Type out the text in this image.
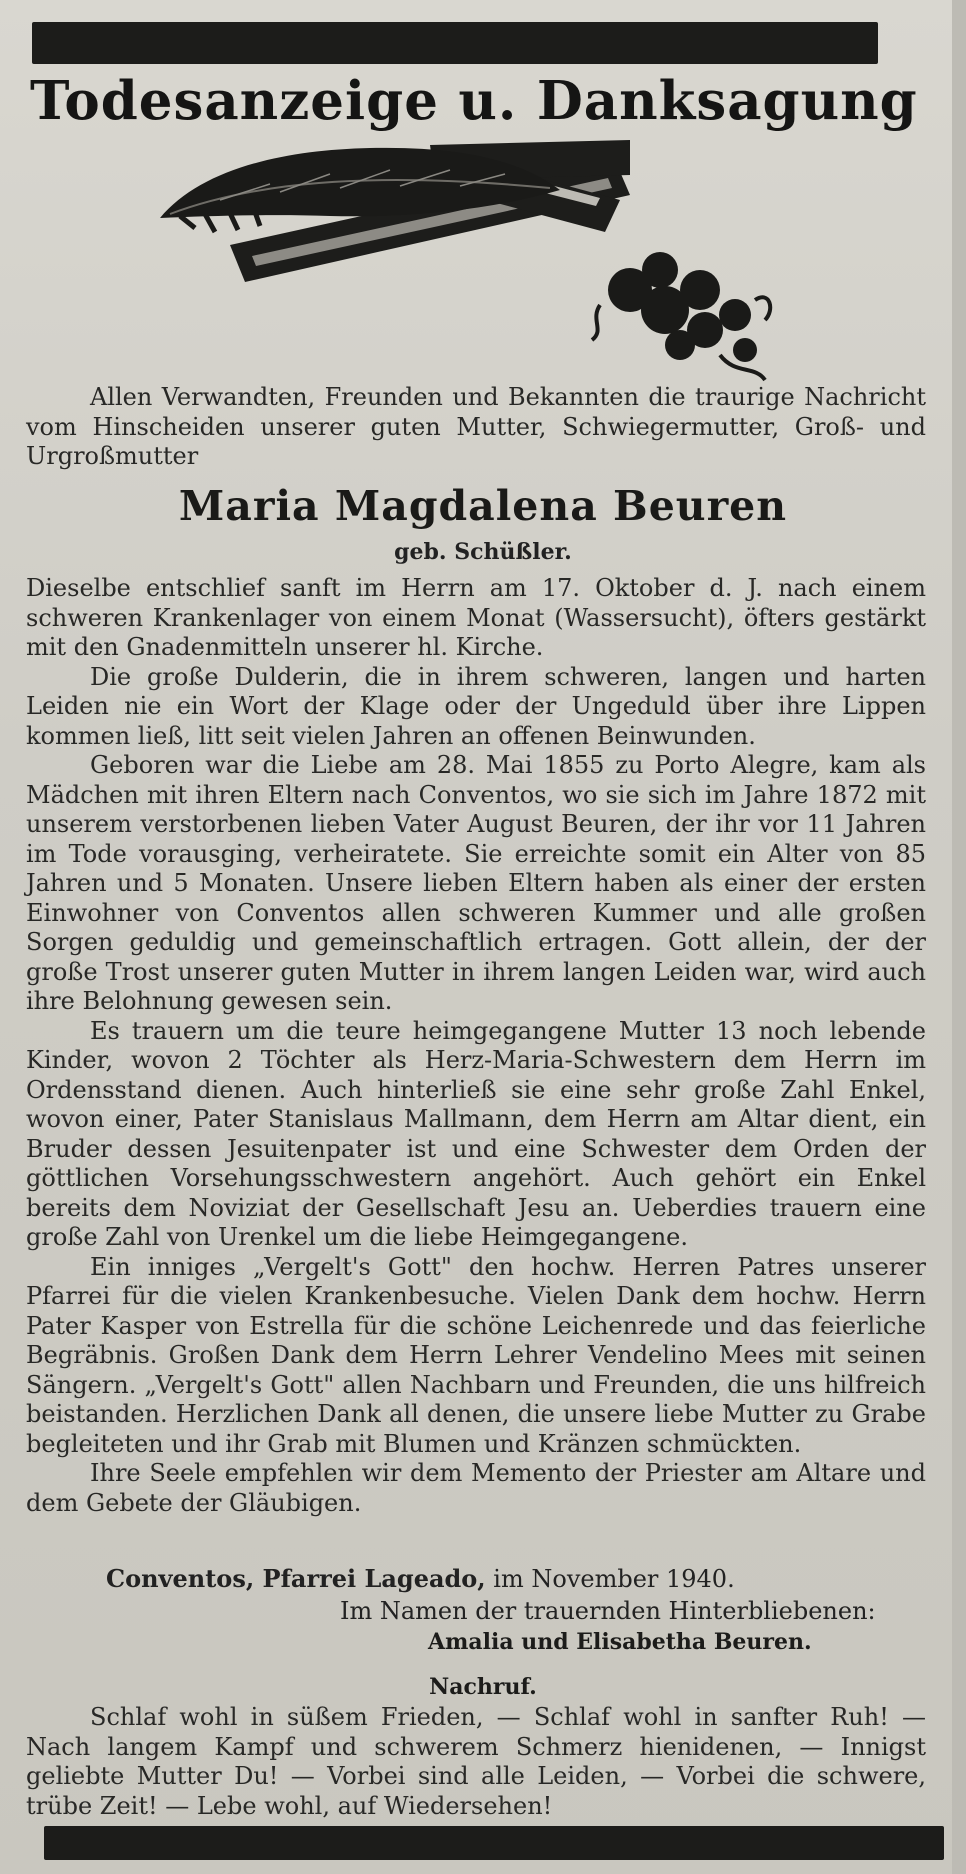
Todesanzeige u. Danksagung
Allen Verwandten, Freunden und Bekannten die traurige Nachricht vom Hinscheiden unserer guten Mutter, Schwiegermutter, Groß- und Urgroßmutter
Maria Magdalena Beuren
geb. Schüßler.

Dieselbe entschlief sanft im Herrn am 17. Oktober d. J. nach einem schweren Krankenlager von einem Monat (Wassersucht), öfters gestärkt mit den Gnadenmitteln unserer hl. Kirche.

Die große Dulderin, die in ihrem schweren, langen und harten Leiden nie ein Wort der Klage oder der Ungeduld über ihre Lippen kommen ließ, litt seit vielen Jahren an offenen Beinwunden.

Geboren war die Liebe am 28. Mai 1855 zu Porto Alegre, kam als Mädchen mit ihren Eltern nach Conventos, wo sie sich im Jahre 1872 mit unserem verstorbenen lieben Vater August Beuren, der ihr vor 11 Jahren im Tode vorausging, verheiratete. Sie erreichte somit ein Alter von 85 Jahren und 5 Monaten. Unsere lieben Eltern haben als einer der ersten Einwohner von Conventos allen schweren Kummer und alle großen Sorgen geduldig und gemeinschaftlich ertragen. Gott allein, der der große Trost unserer guten Mutter in ihrem langen Leiden war, wird auch ihre Belohnung gewesen sein.

Es trauern um die teure heimgegangene Mutter 13 noch lebende Kinder, wovon 2 Töchter als Herz-Maria-Schwestern dem Herrn im Ordensstand dienen. Auch hinterließ sie eine sehr große Zahl Enkel, wovon einer, Pater Stanislaus Mallmann, dem Herrn am Altar dient, ein Bruder dessen Jesuitenpater ist und eine Schwester dem Orden der göttlichen Vorsehungsschwestern angehört. Auch gehört ein Enkel bereits dem Noviziat der Gesellschaft Jesu an. Ueberdies trauern eine große Zahl von Urenkel um die liebe Heimgegangene.

Ein inniges „Vergelt's Gott" den hochw. Herren Patres unserer Pfarrei für die vielen Krankenbesuche. Vielen Dank dem hochw. Herrn Pater Kasper von Estrella für die schöne Leichenrede und das feierliche Begräbnis. Großen Dank dem Herrn Lehrer Vendelino Mees mit seinen Sängern. „Vergelt's Gott" allen Nachbarn und Freunden, die uns hilfreich beistanden. Herzlichen Dank all denen, die unsere liebe Mutter zu Grabe begleiteten und ihr Grab mit Blumen und Kränzen schmückten.

Ihre Seele empfehlen wir dem Memento der Priester am Altare und dem Gebete der Gläubigen.

Conventos, Pfarrei Lageado, im November 1940.
Im Namen der trauernden Hinterbliebenen:
Amalia und Elisabetha Beuren.
Nachruf.

Schlaf wohl in süßem Frieden, — Schlaf wohl in sanfter Ruh! — Nach langem Kampf und schwerem Schmerz hienidenen, — Innigst geliebte Mutter Du! — Vorbei sind alle Leiden, — Vorbei die schwere, trübe Zeit! — Lebe wohl, auf Wiedersehen!
